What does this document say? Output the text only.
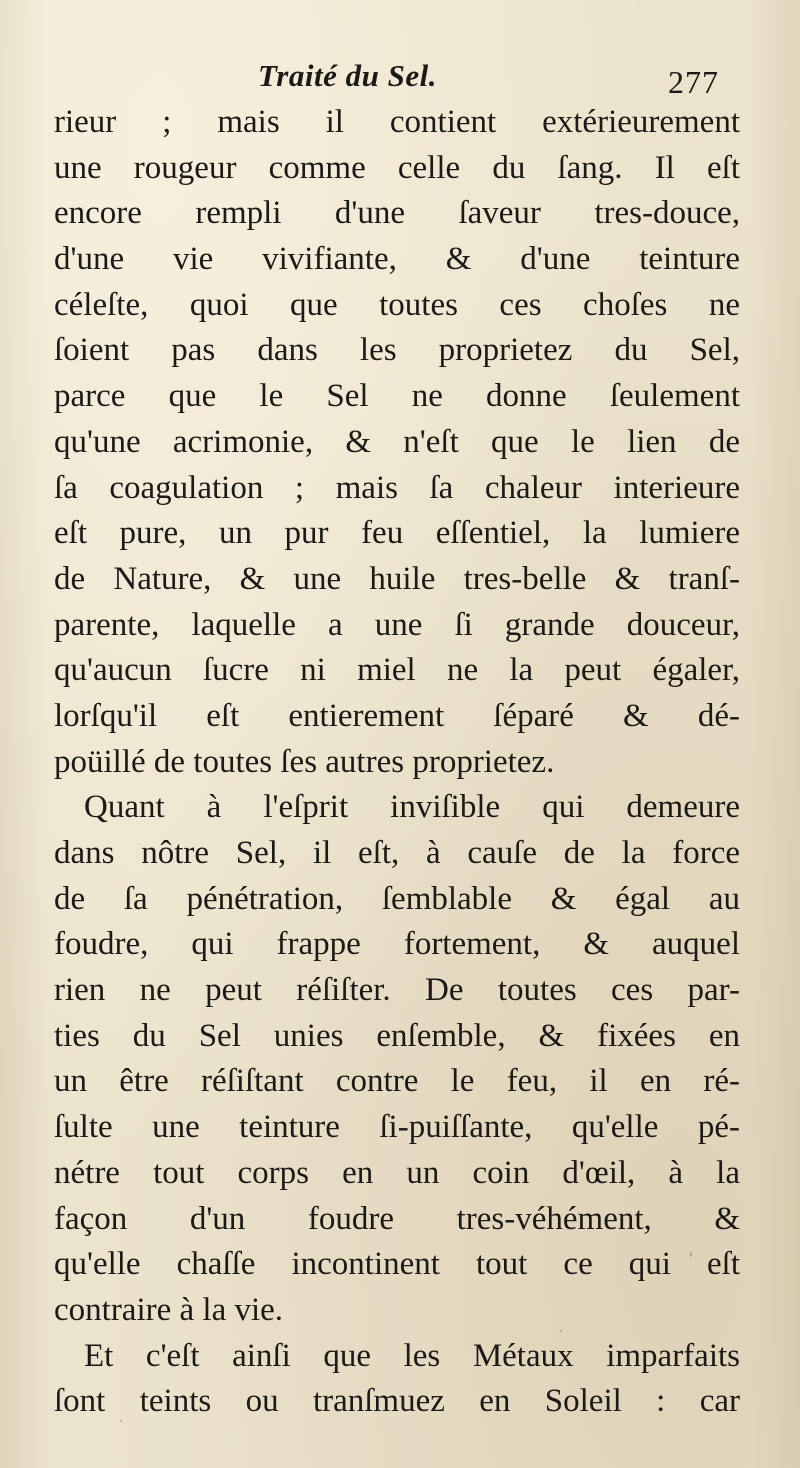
Traité du Sel.	277
rieur ; mais il contient extérieurement
une rougeur comme celle du ſang. Il eſt
encore rempli d'une ſaveur tres-douce,
d'une vie vivifiante, & d'une teinture
céleſte, quoi que toutes ces choſes ne
ſoient pas dans les proprietez du Sel,
parce que le Sel ne donne ſeulement
qu'une acrimonie, & n'eſt que le lien de
ſa coagulation ; mais ſa chaleur interieure
eſt pure, un pur feu eſſentiel, la lumiere
de Nature, & une huile tres-belle & tranſ-
parente, laquelle a une ſi grande douceur,
qu'aucun ſucre ni miel ne la peut égaler,
lorſqu'il eſt entierement ſéparé & dé-
poüillé de toutes ſes autres proprietez.
Quant à l'eſprit inviſible qui demeure
dans nôtre Sel, il eſt, à cauſe de la force
de ſa pénétration, ſemblable & égal au
foudre, qui frappe fortement, & auquel
rien ne peut réſiſter. De toutes ces par-
ties du Sel unies enſemble, & fixées en
un être réſiſtant contre le feu, il en ré-
ſulte une teinture ſi-puiſſante, qu'elle pé-
nétre tout corps en un coin d'œil, à la
façon d'un foudre tres-véhément, &
qu'elle chaſſe incontinent tout ce qui eſt
contraire à la vie.
Et c'eſt ainſi que les Métaux imparfaits
ſont teints ou tranſmuez en Soleil : car
